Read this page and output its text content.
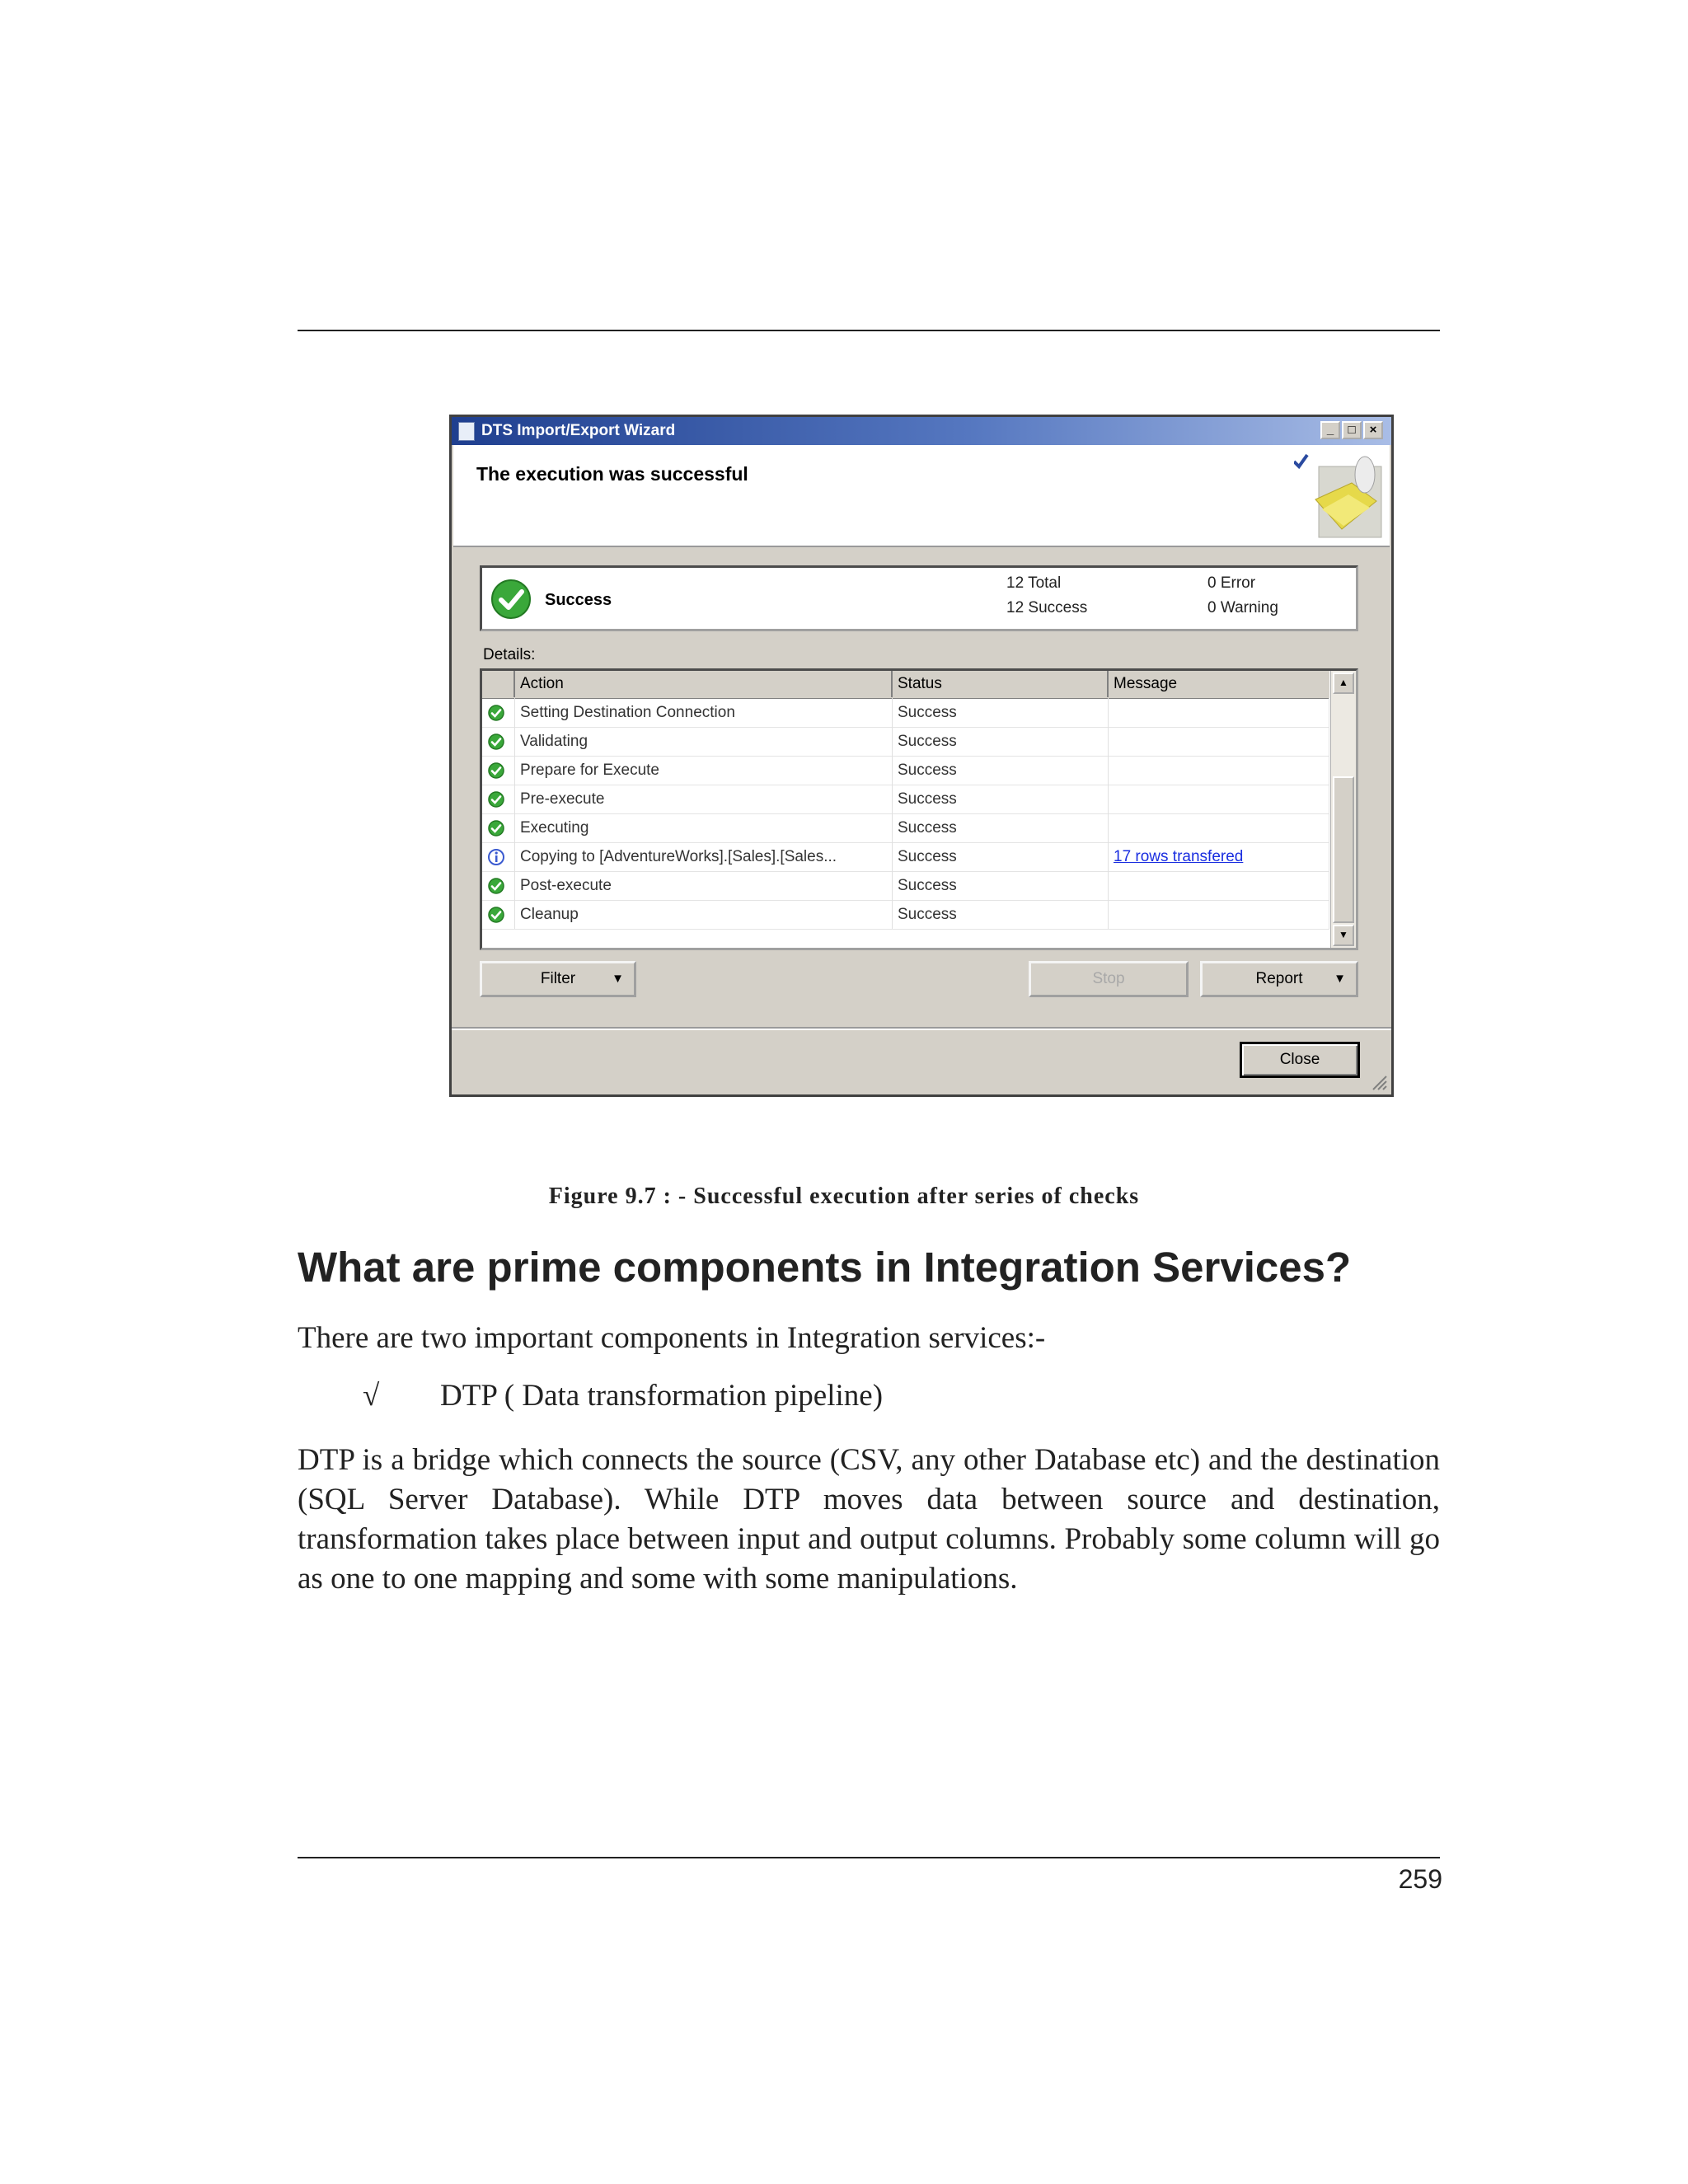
DTS Import/Export Wizard	_	□	×
The execution was successful
Success
12 Total
12 Success
0 Error
0 Warning
Details:
Action	Status	Message
Setting Destination Connection	Success
Validating	Success
Prepare for Execute	Success
Pre-execute	Success
Executing	Success
Copying to [AdventureWorks].[Sales].[Sales...	Success	17 rows transfered
Post-execute	Success
Cleanup	Success
▲
▼
Filter	▼	Stop	Report	▼
Close
Figure 9.7 : - Successful execution after series of checks
What are prime components in Integration Services?
There are two important components in Integration services:-
√ DTP ( Data transformation pipeline)
DTP is a bridge which connects the source (CSV, any other Database etc) and the destination (SQL Server Database). While DTP moves data between source and destination, transformation takes place between input and output columns. Probably some column will go as one to one mapping and some with some manipulations.
259
